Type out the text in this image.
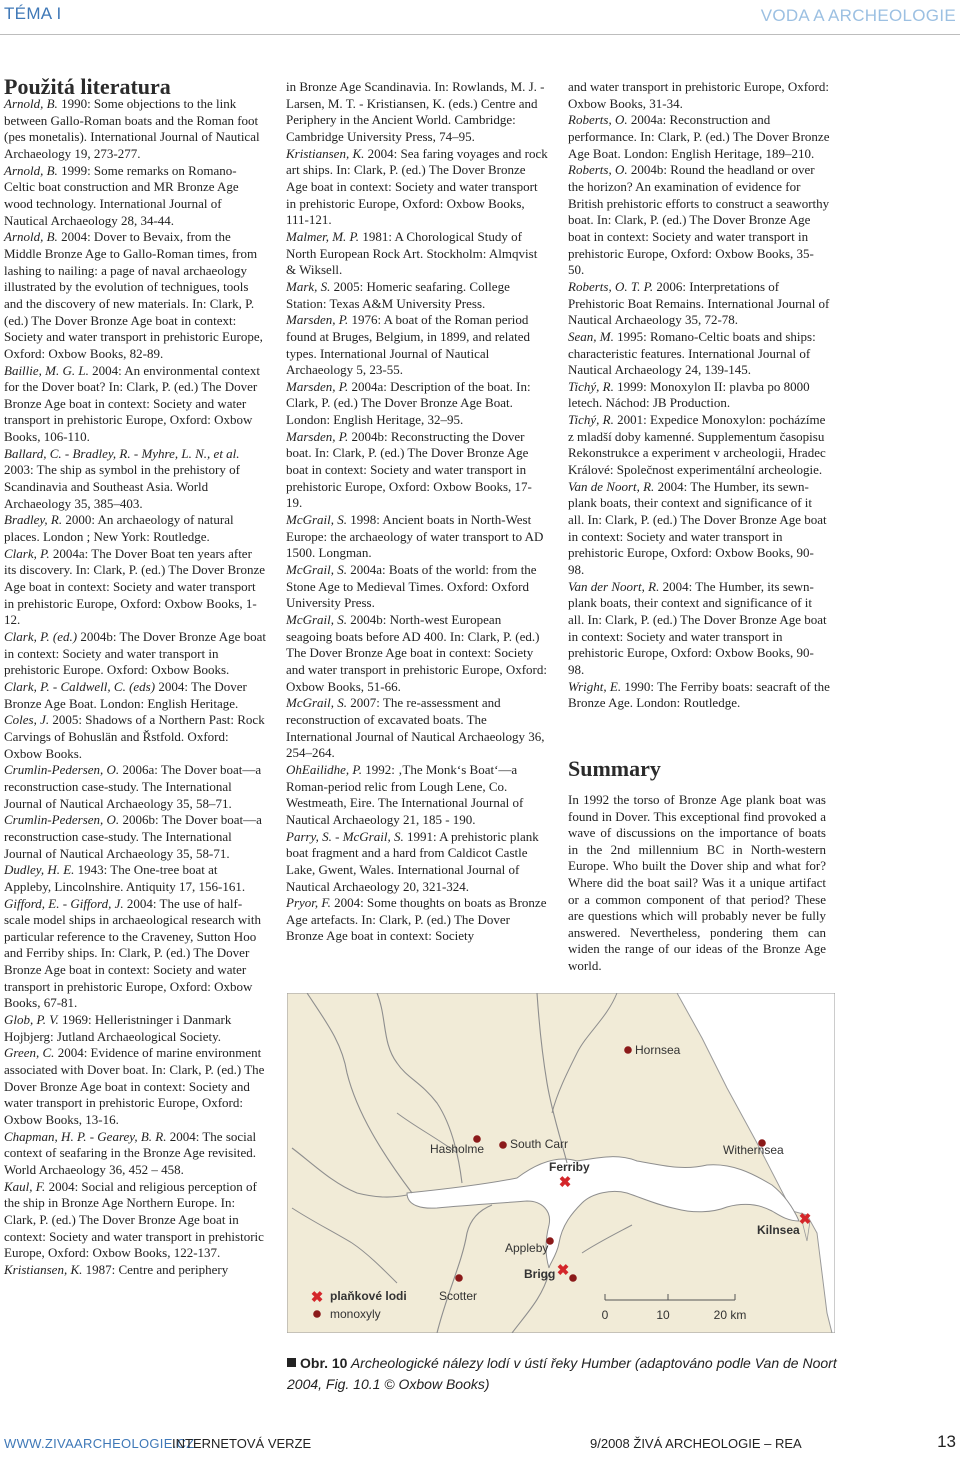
TÉMA I	VODA A ARCHEOLOGIE
Použitá literatura

Arnold, B. 1990: Some objections to the link between Gallo-Roman boats and the Roman foot (pes monetalis). International Journal of Nautical Archaeology 19, 273-277.

Arnold, B. 1999: Some remarks on Romano-Celtic boat construction and MR Bronze Age wood technology. International Journal of Nautical Archaeology 28, 34-44.

Arnold, B. 2004: Dover to Bevaix, from the Middle Bronze Age to Gallo-Roman times, from lashing to nailing: a page of naval archaeology illustrated by the evolution of technigues, tools and the discovery of new materials. In: Clark, P. (ed.) The Dover Bronze Age boat in context: Society and water transport in prehistoric Europe, Oxford: Oxbow Books, 82-89.

Baillie, M. G. L. 2004: An environmental context for the Dover boat? In: Clark, P. (ed.) The Dover Bronze Age boat in context: Society and water transport in prehistoric Europe, Oxford: Oxbow Books, 106-110.

Ballard, C. - Bradley, R. - Myhre, L. N., et al. 2003: The ship as symbol in the prehistory of Scandinavia and Southeast Asia. World Archaeology 35, 385–403.

Bradley, R. 2000: An archaeology of natural places. London ; New York: Routledge.

Clark, P. 2004a: The Dover Boat ten years after its discovery. In: Clark, P. (ed.) The Dover Bronze Age boat in context: Society and water transport in prehistoric Europe, Oxford: Oxbow Books, 1-12.

Clark, P. (ed.) 2004b: The Dover Bronze Age boat in context: Society and water transport in prehistoric Europe. Oxford: Oxbow Books.

Clark, P. - Caldwell, C. (eds) 2004: The Dover Bronze Age Boat. London: English Heritage.

Coles, J. 2005: Shadows of a Northern Past: Rock Carvings of Bohuslän and Řstfold. Oxford: Oxbow Books.

Crumlin-Pedersen, O. 2006a: The Dover boat—a reconstruction case-study. The International Journal of Nautical Archaeology 35, 58–71.

Crumlin-Pedersen, O. 2006b: The Dover boat—a reconstruction case-study. The International Journal of Nautical Archaeology 35, 58-71.

Dudley, H. E. 1943: The One-tree boat at Appleby, Lincolnshire. Antiquity 17, 156-161.

Gifford, E. - Gifford, J. 2004: The use of half-scale model ships in archaeological research with particular reference to the Craveney, Sutton Hoo and Ferriby ships. In: Clark, P. (ed.) The Dover Bronze Age boat in context: Society and water transport in prehistoric Europe, Oxford: Oxbow Books, 67-81.

Glob, P. V. 1969: Helleristninger i Danmark Hojbjerg: Jutland Archaeological Society.

Green, C. 2004: Evidence of marine environment associated with Dover boat. In: Clark, P. (ed.) The Dover Bronze Age boat in context: Society and water transport in prehistoric Europe, Oxford: Oxbow Books, 13-16.

Chapman, H. P. - Gearey, B. R. 2004: The social context of seafaring in the Bronze Age revisited. World Archaeology 36, 452 – 458.

Kaul, F. 2004: Social and religious perception of the ship in Bronze Age Northern Europe. In: Clark, P. (ed.) The Dover Bronze Age boat in context: Society and water transport in prehistoric Europe, Oxford: Oxbow Books, 122-137.

Kristiansen, K. 1987: Centre and periphery

in Bronze Age Scandinavia. In: Rowlands, M. J. - Larsen, M. T. - Kristiansen, K. (eds.) Centre and Periphery in the Ancient World. Cambridge: Cambridge University Press, 74–95.

Kristiansen, K. 2004: Sea faring voyages and rock art ships. In: Clark, P. (ed.) The Dover Bronze Age boat in context: Society and water transport in prehistoric Europe, Oxford: Oxbow Books, 111-121.

Malmer, M. P. 1981: A Chorological Study of North European Rock Art. Stockholm: Almqvist & Wiksell.

Mark, S. 2005: Homeric seafaring. College Station: Texas A&M University Press.

Marsden, P. 1976: A boat of the Roman period found at Bruges, Belgium, in 1899, and related types. International Journal of Nautical Archaeology 5, 23-55.

Marsden, P. 2004a: Description of the boat. In: Clark, P. (ed.) The Dover Bronze Age Boat. London: English Heritage, 32–95.

Marsden, P. 2004b: Reconstructing the Dover boat. In: Clark, P. (ed.) The Dover Bronze Age boat in context: Society and water transport in prehistoric Europe, Oxford: Oxbow Books, 17-19.

McGrail, S. 1998: Ancient boats in North-West Europe: the archaeology of water transport to AD 1500. Longman.

McGrail, S. 2004a: Boats of the world: from the Stone Age to Medieval Times. Oxford: Oxford University Press.

McGrail, S. 2004b: North-west European seagoing boats before AD 400. In: Clark, P. (ed.) The Dover Bronze Age boat in context: Society and water transport in prehistoric Europe, Oxford: Oxbow Books, 51-66.

McGrail, S. 2007: The re-assessment and reconstruction of excavated boats. The International Journal of Nautical Archaeology 36, 254–264.

OhEailidhe, P. 1992: ‚The Monk‘s Boat‘—a Roman-period relic from Lough Lene, Co. Westmeath, Eire. The International Journal of Nautical Archaeology 21, 185 - 190.

Parry, S. - McGrail, S. 1991: A prehistoric plank boat fragment and a hard from Caldicot Castle Lake, Gwent, Wales. International Journal of Nautical Archaeology 20, 321-324.

Pryor, F. 2004: Some thoughts on boats as Bronze Age artefacts. In: Clark, P. (ed.) The Dover Bronze Age boat in context: Society

and water transport in prehistoric Europe, Oxford: Oxbow Books, 31-34.

Roberts, O. 2004a: Reconstruction and performance. In: Clark, P. (ed.) The Dover Bronze Age Boat. London: English Heritage, 189–210.

Roberts, O. 2004b: Round the headland or over the horizon? An examination of evidence for British prehistoric efforts to construct a seaworthy boat. In: Clark, P. (ed.) The Dover Bronze Age boat in context: Society and water transport in prehistoric Europe, Oxford: Oxbow Books, 35-50.

Roberts, O. T. P. 2006: Interpretations of Prehistoric Boat Remains. International Journal of Nautical Archaeology 35, 72-78.

Sean, M. 1995: Romano-Celtic boats and ships: characteristic features. International Journal of Nautical Archaeology 24, 139-145.

Tichý, R. 1999: Monoxylon II: plavba po 8000 letech. Náchod: JB Production.

Tichý, R. 2001: Expedice Monoxylon: pocházíme z mladší doby kamenné. Supplementum časopisu Rekonstrukce a experiment v archeologii, Hradec Králové: Společnost experimentální archeologie.

Van de Noort, R. 2004: The Humber, its sewn-plank boats, their context and significance of it all. In: Clark, P. (ed.) The Dover Bronze Age boat in context: Society and water transport in prehistoric Europe, Oxford: Oxbow Books, 90-98.

Van der Noort, R. 2004: The Humber, its sewn-plank boats, their context and significance of it all. In: Clark, P. (ed.) The Dover Bronze Age boat in context: Society and water transport in prehistoric Europe, Oxford: Oxbow Books, 90-98.

Wright, E. 1990: The Ferriby boats: seacraft of the Bronze Age. London: Routledge.

Summary
In 1992 the torso of Bronze Age plank boat was found in Dover. This exceptional find provoked a wave of discussions on the importance of boats in the 2nd millennium BC in North-western Europe. Who built the Dover ship and what for? Where did the boat sail? Was it a unique artifact or a common component of that period? These are questions which will probably never be fully answered. Nevertheless, pondering them can widen the range of our ideas of the Bronze Age world.
Hornsea
Hasholme South Carr
Ferriby
✖
Withernsea
Kilnsea
✖
Appleby
Brigg ✖
Scotter
✖ plaňkové lodi
monoxyly	0	10	20 km
Obr. 10 Archeologické nálezy lodí v ústí řeky Humber (adaptováno podle Van de Noort 2004, Fig. 10.1 © Oxbow Books)
WWW.ZIVAARCHEOLOGIE.CZ
INTERNETOVÁ VERZE	9/2008 ŽIVÁ ARCHEOLOGIE – REA	13
